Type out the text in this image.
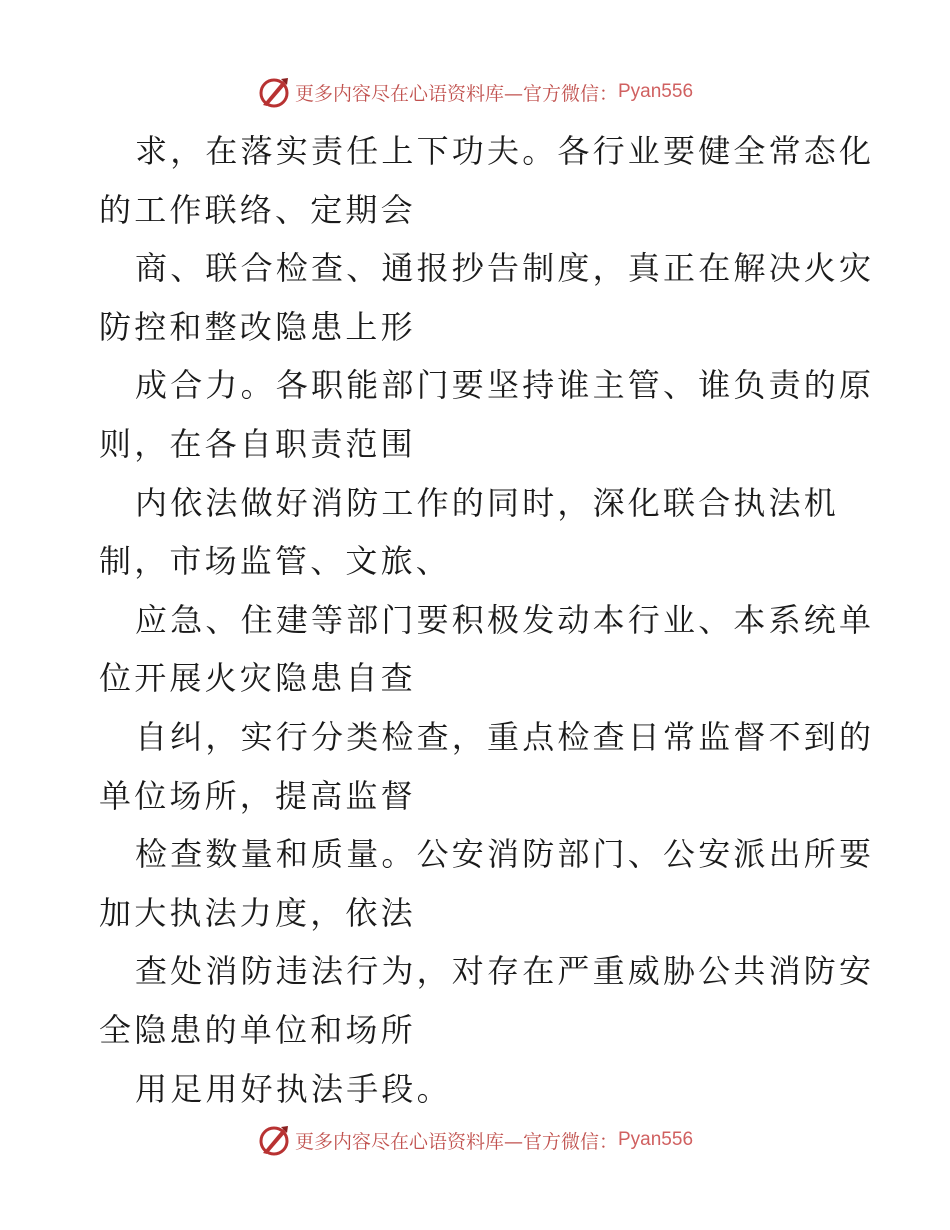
更多内容尽在心语资料库—官方微信： Pyan556
求，在落实责任上下功夫。各行业要健全常态化
的工作联络、定期会
商、联合检查、通报抄告制度，真正在解决火灾
防控和整改隐患上形
成合力。各职能部门要坚持谁主管、谁负责的原
则，在各自职责范围
内依法做好消防工作的同时，深化联合执法机
制，市场监管、文旅、
应急、住建等部门要积极发动本行业、本系统单
位开展火灾隐患自查
自纠，实行分类检查，重点检查日常监督不到的
单位场所，提高监督
检查数量和质量。公安消防部门、公安派出所要
加大执法力度，依法
查处消防违法行为，对存在严重威胁公共消防安
全隐患的单位和场所
用足用好执法手段。
更多内容尽在心语资料库—官方微信： Pyan556
